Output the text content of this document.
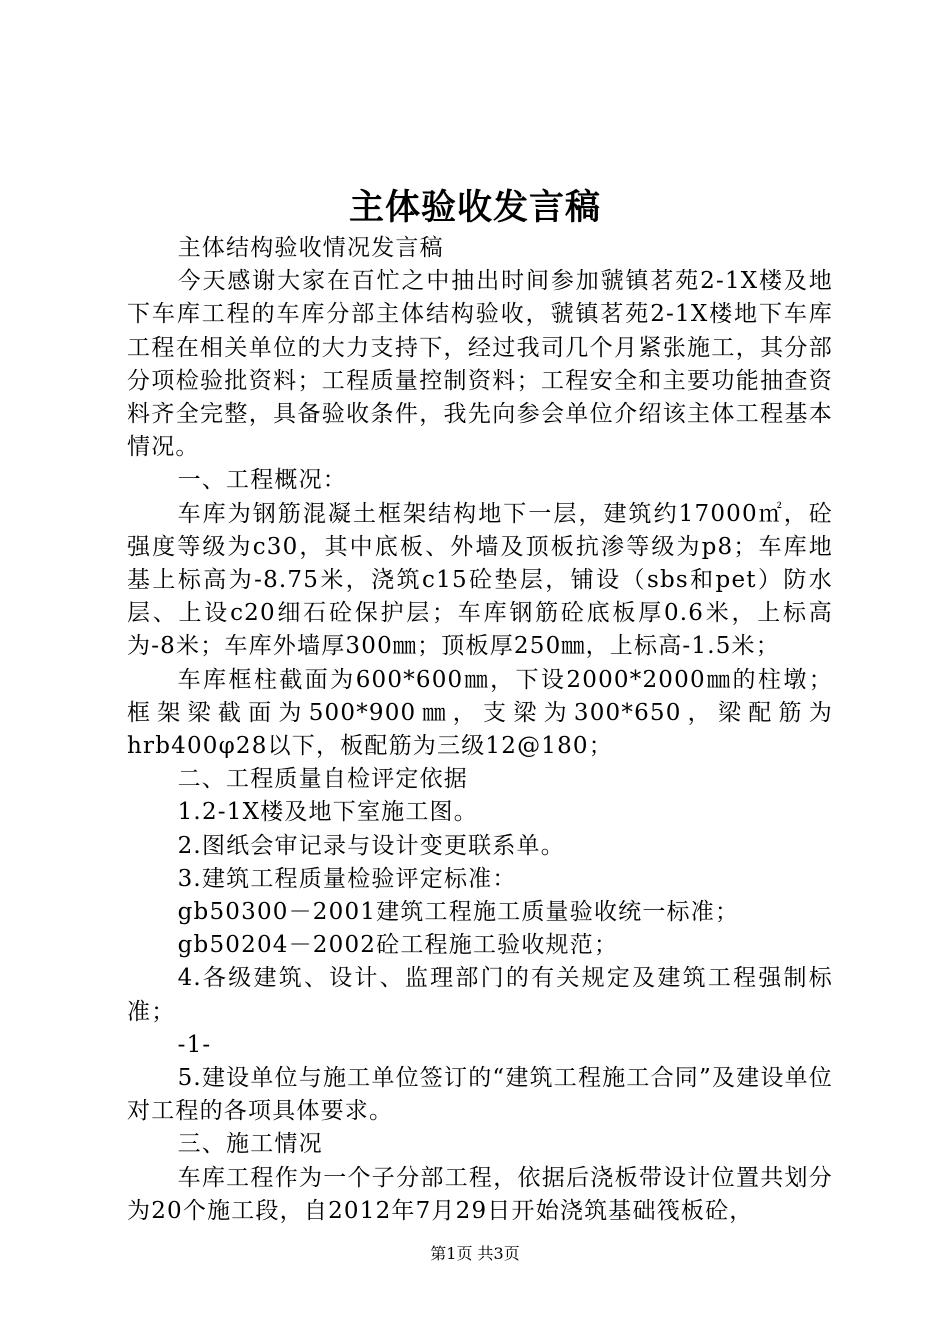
主体验收发言稿

主体结构验收情况发言稿

今天感谢大家在百忙之中抽出时间参加虢镇茗苑2-1X楼及地下车库工程的车库分部主体结构验收，虢镇茗苑2-1X楼地下车库工程在相关单位的大力支持下，经过我司几个月紧张施工，其分部分项检验批资料；工程质量控制资料；工程安全和主要功能抽查资料齐全完整，具备验收条件，我先向参会单位介绍该主体工程基本情况。

一、工程概况：

车库为钢筋混凝土框架结构地下一层，建筑约17000㎡，砼强度等级为c30，其中底板、外墙及顶板抗渗等级为p8；车库地基上标高为-8.75米，浇筑c15砼垫层，铺设（sbs和pet）防水层、上设c20细石砼保护层；车库钢筋砼底板厚0.6米，上标高为-8米；车库外墙厚300㎜；顶板厚250㎜，上标高-1.5米；

车库框柱截面为600*600㎜，下设2000*2000㎜的柱墩；框架梁截面为500*900㎜，支梁为300*650，梁配筋为hrb400φ28以下，板配筋为三级12@180；

二、工程质量自检评定依据

1.2-1X楼及地下室施工图。

2.图纸会审记录与设计变更联系单。

3.建筑工程质量检验评定标准：

gb50300－2001建筑工程施工质量验收统一标准；

gb50204－2002砼工程施工验收规范；

4.各级建筑、设计、监理部门的有关规定及建筑工程强制标准；

-1-

5.建设单位与施工单位签订的“建筑工程施工合同”及建设单位对工程的各项具体要求。

三、施工情况

车库工程作为一个子分部工程，依据后浇板带设计位置共划分为20个施工段，自2012年7月29日开始浇筑基础筏板砼，

第1页 共3页
